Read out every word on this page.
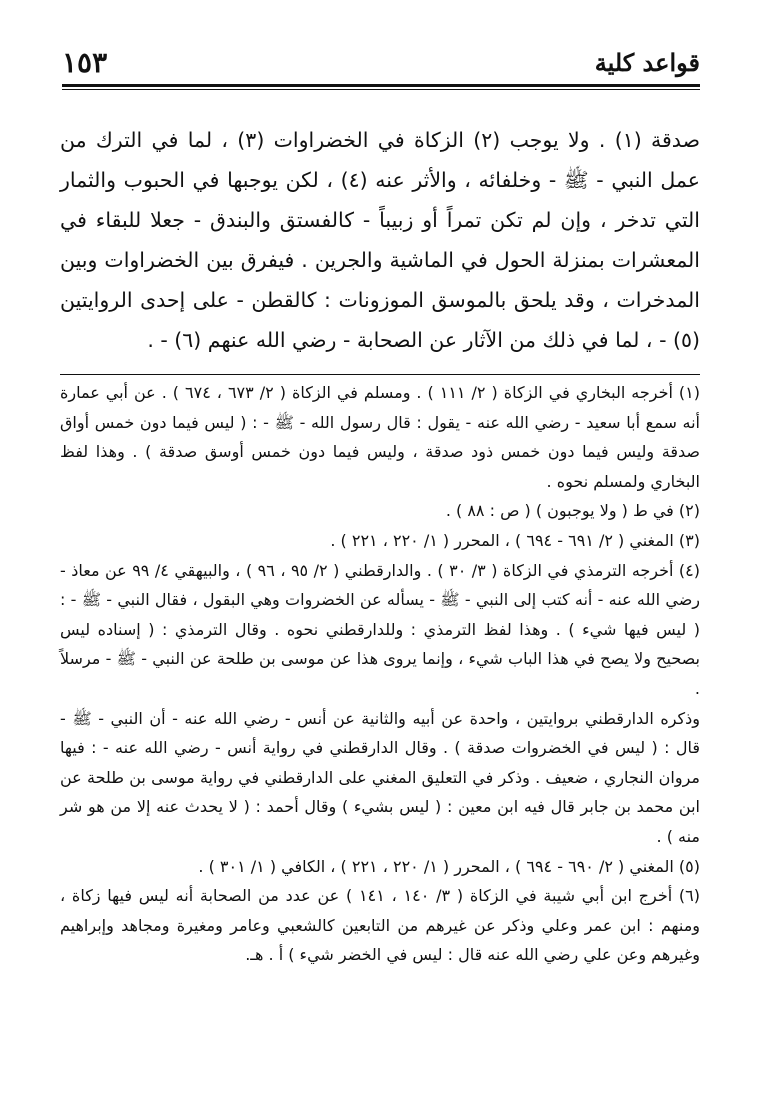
قواعد كلية
١٥٣

صدقة (١) . ولا يوجب (٢) الزكاة في الخضراوات (٣) ، لما في الترك من عمل النبي - ﷺ - وخلفائه ، والأثر عنه (٤) ، لكن يوجبها في الحبوب والثمار التي تدخر ، وإن لم تكن تمراً أو زبيباً - كالفستق والبندق - جعلا للبقاء في المعشرات بمنزلة الحول في الماشية والجرين . فيفرق بين الخضراوات وبين المدخرات ، وقد يلحق بالموسق الموزونات : كالقطن - على إحدى الروايتين (٥) - ، لما في ذلك من الآثار عن الصحابة - رضي الله عنهم (٦) - .

(١) أخرجه البخاري في الزكاة ( ٢/ ١١١ ) . ومسلم في الزكاة ( ٢/ ٦٧٣ ، ٦٧٤ ) . عن أبي عمارة أنه سمع أبا سعيد - رضي الله عنه - يقول : قال رسول الله - ﷺ - : ( ليس فيما دون خمس أواق صدقة وليس فيما دون خمس ذود صدقة ، وليس فيما دون خمس أوسق صدقة ) . وهذا لفظ البخاري ولمسلم نحوه .

(٢) في ط ( ولا يوجبون ) ( ص : ٨٨ ) .

(٣) المغني ( ٢/ ٦٩١ - ٦٩٤ ) ، المحرر ( ١/ ٢٢٠ ، ٢٢١ ) .

(٤) أخرجه الترمذي في الزكاة ( ٣/ ٣٠ ) . والدارقطني ( ٢/ ٩٥ ، ٩٦ ) ، والبيهقي ٤/ ٩٩ عن معاذ - رضي الله عنه - أنه كتب إلى النبي - ﷺ - يسأله عن الخضروات وهي البقول ، فقال النبي - ﷺ - : ( ليس فيها شيء ) . وهذا لفظ الترمذي : وللدارقطني نحوه . وقال الترمذي : ( إسناده ليس بصحيح ولا يصح في هذا الباب شيء ، وإنما يروى هذا عن موسى بن طلحة عن النبي - ﷺ - مرسلاً .

وذكره الدارقطني بروايتين ، واحدة عن أبيه والثانية عن أنس - رضي الله عنه - أن النبي - ﷺ - قال : ( ليس في الخضروات صدقة ) . وقال الدارقطني في رواية أنس - رضي الله عنه - : فيها مروان النجاري ، ضعيف . وذكر في التعليق المغني على الدارقطني في رواية موسى بن طلحة عن ابن محمد بن جابر قال فيه ابن معين : ( ليس بشيء ) وقال أحمد : ( لا يحدث عنه إلا من هو شر منه ) .

(٥) المغني ( ٢/ ٦٩٠ - ٦٩٤ ) ، المحرر ( ١/ ٢٢٠ ، ٢٢١ ) ، الكافي ( ١/ ٣٠١ ) .

(٦) أخرج ابن أبي شيبة في الزكاة ( ٣/ ١٤٠ ، ١٤١ ) عن عدد من الصحابة أنه ليس فيها زكاة ، ومنهم : ابن عمر وعلي وذكر عن غيرهم من التابعين كالشعبي وعامر ومغيرة ومجاهد وإبراهيم وغيرهم وعن علي رضي الله عنه قال : ليس في الخضر شيء ) أ . هـ.
